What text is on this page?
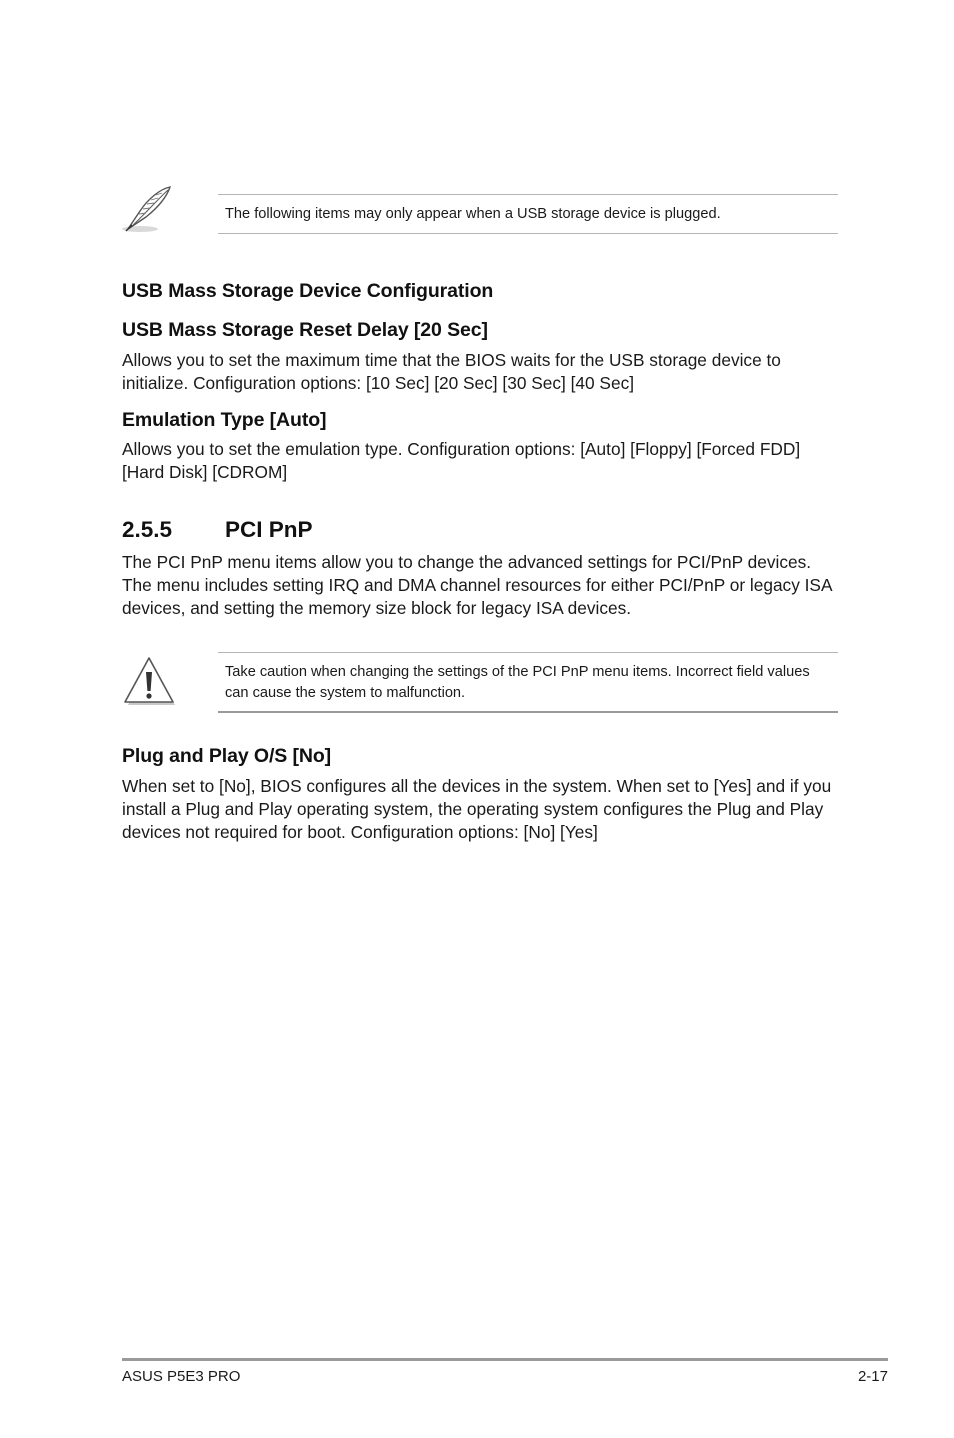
The following items may only appear when a USB storage device is plugged.
USB Mass Storage Device Configuration
USB Mass Storage Reset Delay [20 Sec]
Allows you to set the maximum time that the BIOS waits for the USB storage device to initialize. Configuration options: [10 Sec] [20 Sec] [30 Sec] [40 Sec]
Emulation Type [Auto]
Allows you to set the emulation type. Configuration options: [Auto] [Floppy] [Forced FDD] [Hard Disk] [CDROM]
2.5.5 PCI PnP
The PCI PnP menu items allow you to change the advanced settings for PCI/PnP devices. The menu includes setting IRQ and DMA channel resources for either PCI/PnP or legacy ISA devices, and setting the memory size block for legacy ISA devices.
Take caution when changing the settings of the PCI PnP menu items. Incorrect field values can cause the system to malfunction.
Plug and Play O/S [No]
When set to [No], BIOS configures all the devices in the system. When set to [Yes] and if you install a Plug and Play operating system, the operating system configures the Plug and Play devices not required for boot. Configuration options: [No] [Yes]
ASUS P5E3 PRO	2-17
